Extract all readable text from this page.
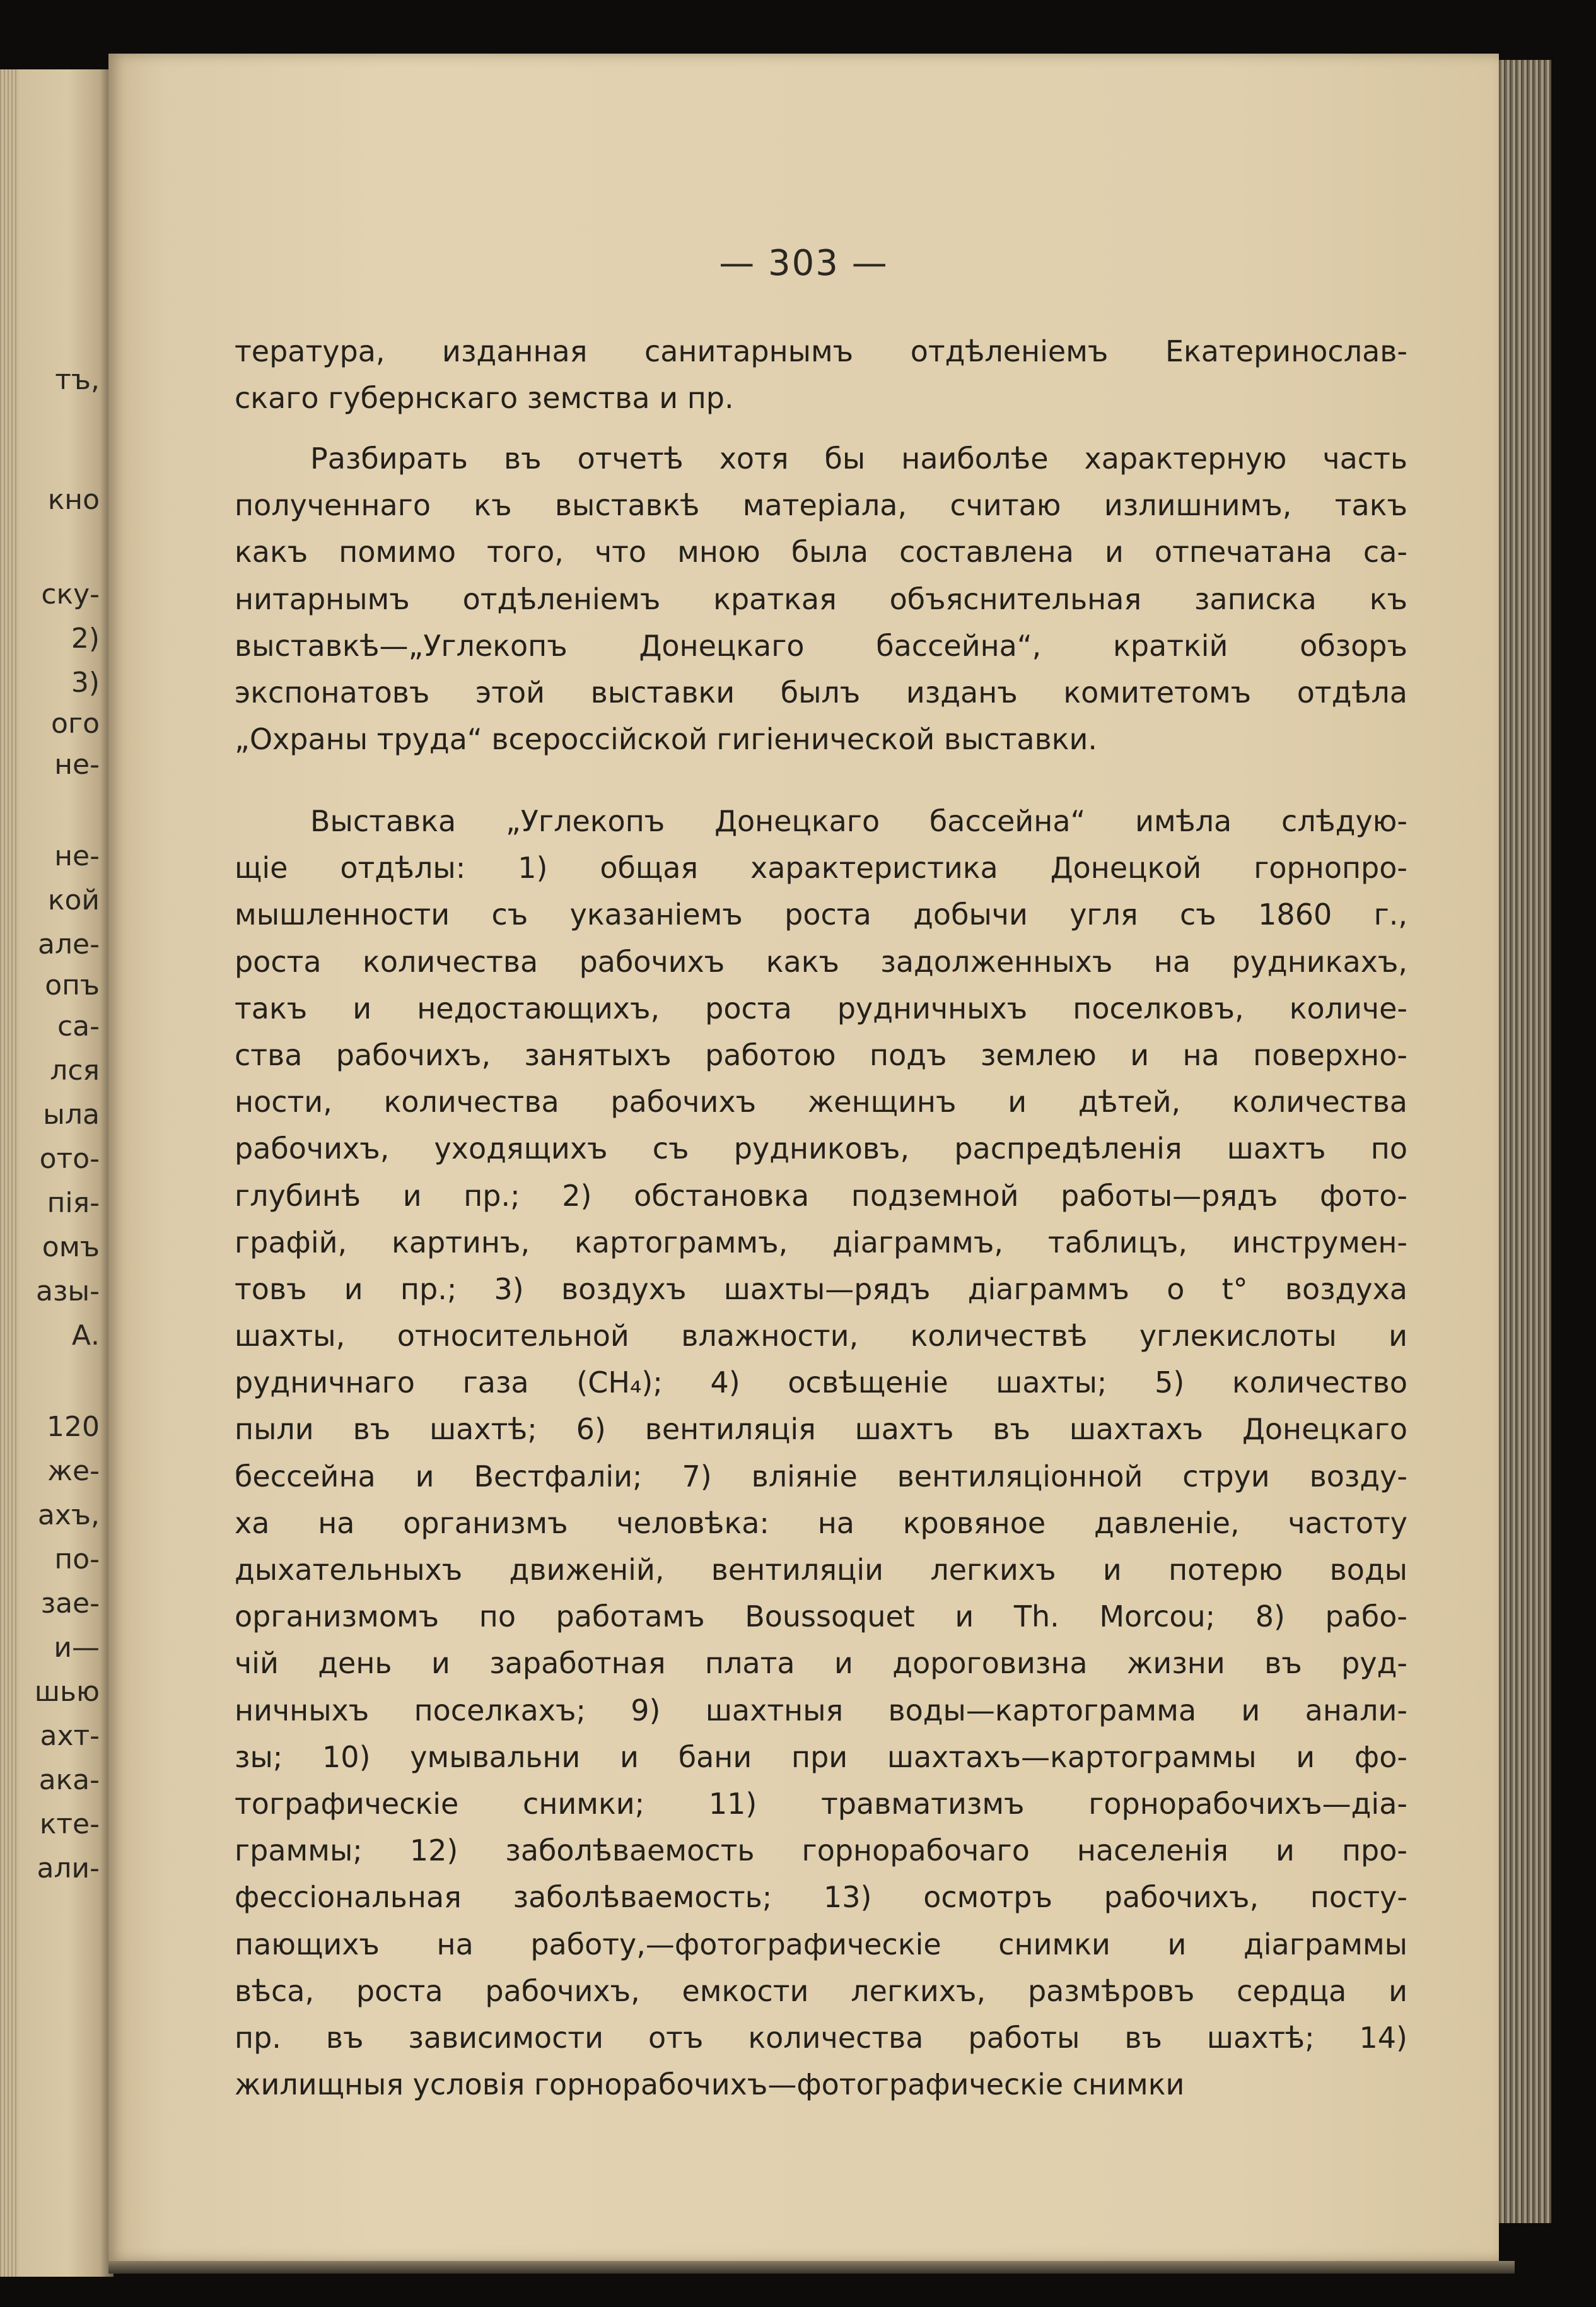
тъ,
кно
ску-
2)
3)
ого
не-
не-
кой
але-
опъ
са-
лся
ыла
ото-
пія-
омъ
азы-
А.
120
же-
ахъ,
по-
зае-
и—
шью
ахт-
ака-
кте-
али-
— 303 —
тература, изданная санитарнымъ отдѣленіемъ Екатеринослав-
скаго губернскаго земства и пр.
Разбирать въ отчетѣ хотя бы наиболѣе характерную часть
полученнаго къ выставкѣ матеріала, считаю излишнимъ, такъ
какъ помимо того, что мною была составлена и отпечатана са-
нитарнымъ отдѣленіемъ краткая объяснительная записка къ
выставкѣ—„Углекопъ Донецкаго бассейна“, краткій обзоръ
экспонатовъ этой выставки былъ изданъ комитетомъ отдѣла
„Охраны труда“ всероссійской гигіенической выставки.
Выставка „Углекопъ Донецкаго бассейна“ имѣла слѣдую-
щіе отдѣлы: 1) общая характеристика Донецкой горнопро-
мышленности съ указаніемъ роста добычи угля съ 1860 г.,
роста количества рабочихъ какъ задолженныхъ на рудникахъ,
такъ и недостающихъ, роста рудничныхъ поселковъ, количе-
ства рабочихъ, занятыхъ работою подъ землею и на поверхно-
ности, количества рабочихъ женщинъ и дѣтей, количества
рабочихъ, уходящихъ съ рудниковъ, распредѣленія шахтъ по
глубинѣ и пр.; 2) обстановка подземной работы—рядъ фото-
графій, картинъ, картограммъ, діаграммъ, таблицъ, инструмен-
товъ и пр.; 3) воздухъ шахты—рядъ діаграммъ о t° воздуха
шахты, относительной влажности, количествѣ углекислоты и
рудничнаго газа (CH₄); 4) освѣщеніе шахты; 5) количество
пыли въ шахтѣ; 6) вентиляція шахтъ въ шахтахъ Донецкаго
бессейна и Вестфаліи; 7) вліяніе вентиляціонной струи возду-
ха на организмъ человѣка: на кровяное давленіе, частоту
дыхательныхъ движеній, вентиляціи легкихъ и потерю воды
организмомъ по работамъ Boussoquet и Th. Morcou; 8) рабо-
чій день и заработная плата и дороговизна жизни въ руд-
ничныхъ поселкахъ; 9) шахтныя воды—картограмма и анали-
зы; 10) умывальни и бани при шахтахъ—картограммы и фо-
тографическіе снимки; 11) травматизмъ горнорабочихъ—діа-
граммы; 12) заболѣваемость горнорабочаго населенія и про-
фессіональная заболѣваемость; 13) осмотръ рабочихъ, посту-
пающихъ на работу,—фотографическіе снимки и діаграммы
вѣса, роста рабочихъ, емкости легкихъ, размѣровъ сердца и
пр. въ зависимости отъ количества работы въ шахтѣ; 14)
жилищныя условія горнорабочихъ—фотографическіе снимки
